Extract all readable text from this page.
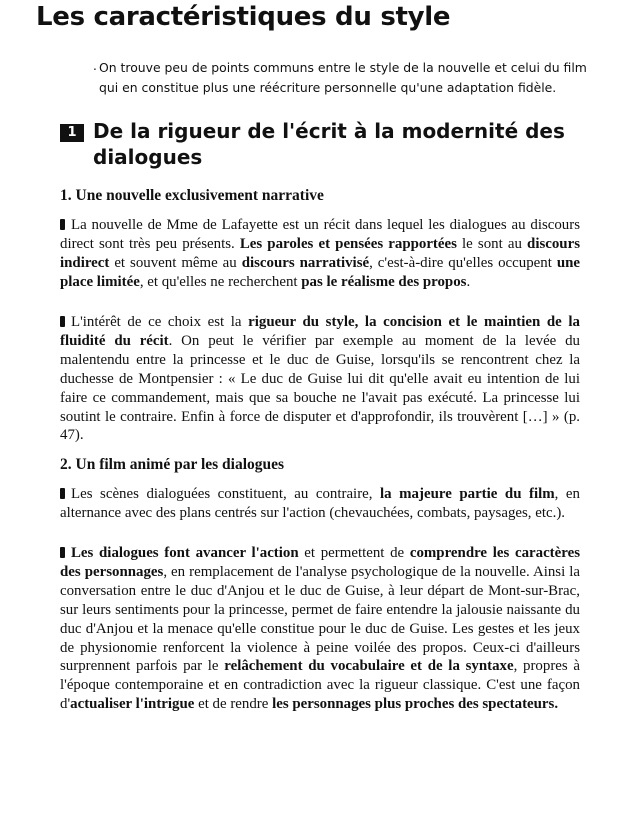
Les caractéristiques du style

. On trouve peu de points communs entre le style de la nouvelle et celui du film qui en constitue plus une réécriture personnelle qu'une adaptation fidèle.

1 De la rigueur de l'écrit à la modernité des dialogues
1. Une nouvelle exclusivement narrative

La nouvelle de Mme de Lafayette est un récit dans lequel les dialogues au discours direct sont très peu présents. Les paroles et pensées rapportées le sont au discours indirect et souvent même au discours narrativisé, c'est-à-dire qu'elles occupent une place limitée, et qu'elles ne recherchent pas le réalisme des propos.

L'intérêt de ce choix est la rigueur du style, la concision et le maintien de la fluidité du récit. On peut le vérifier par exemple au moment de la levée du malentendu entre la princesse et le duc de Guise, lorsqu'ils se rencontrent chez la duchesse de Montpensier : « Le duc de Guise lui dit qu'elle avait eu intention de lui faire ce commandement, mais que sa bouche ne l'avait pas exécuté. La princesse lui soutint le contraire. Enfin à force de disputer et d'approfondir, ils trouvèrent […] » (p. 47).

2. Un film animé par les dialogues

Les scènes dialoguées constituent, au contraire, la majeure partie du film, en alternance avec des plans centrés sur l'action (chevauchées, combats, paysages, etc.).

Les dialogues font avancer l'action et permettent de comprendre les caractères des personnages, en remplacement de l'analyse psychologique de la nouvelle. Ainsi la conversation entre le duc d'Anjou et le duc de Guise, à leur départ de Mont-sur-Brac, sur leurs sentiments pour la princesse, permet de faire entendre la jalousie naissante du duc d'Anjou et la menace qu'elle constitue pour le duc de Guise. Les gestes et les jeux de physionomie renforcent la violence à peine voilée des propos. Ceux-ci d'ailleurs surprennent parfois par le relâchement du vocabulaire et de la syntaxe, propres à l'époque contemporaine et en contradiction avec la rigueur classique. C'est une façon d'actualiser l'intrigue et de rendre les personnages plus proches des spectateurs.
